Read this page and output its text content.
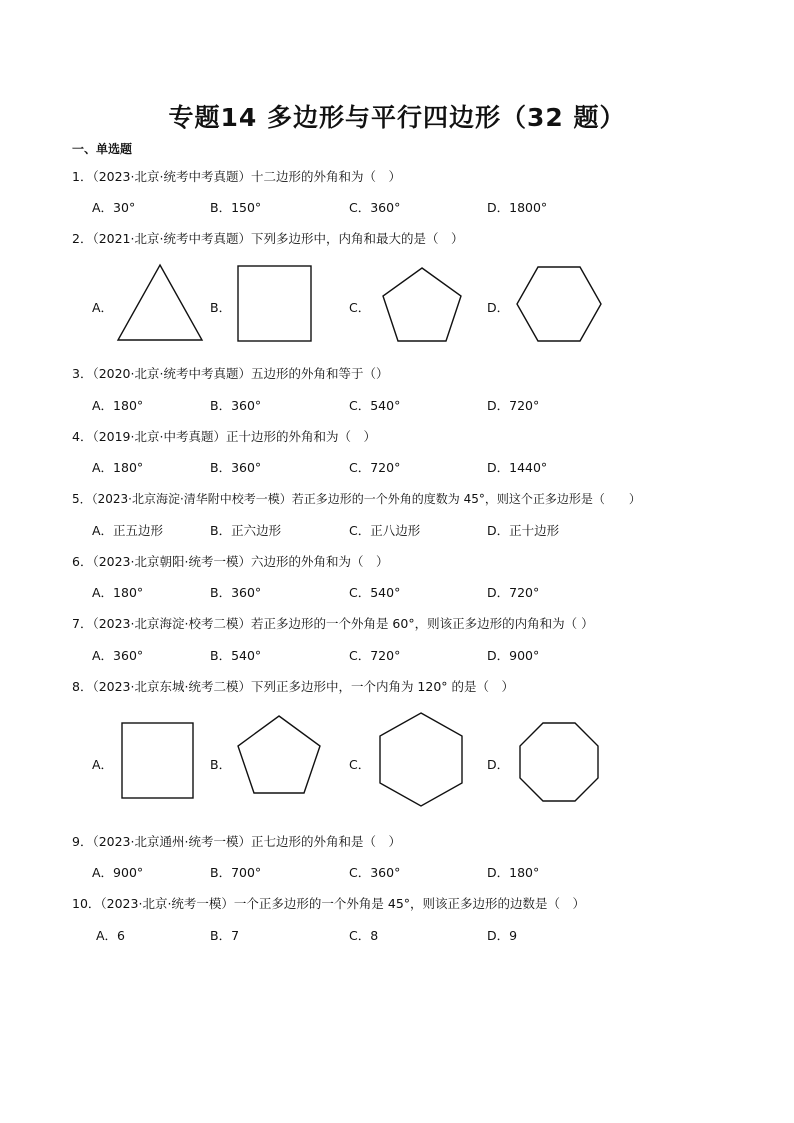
专题14 多边形与平行四边形（32 题）
一、单选题
1．（2023·北京·统考中考真题）十二边形的外角和为（　）
A．30°	B．150°	C．360°	D．1800°
2．（2021·北京·统考中考真题）下列多边形中，内角和最大的是（　）
A．	B．	C．	D．
3．（2020·北京·统考中考真题）五边形的外角和等于（）
A．180°	B．360°	C．540°	D．720°
4．（2019·北京·中考真题）正十边形的外角和为（　）
A．180°	B．360°	C．720°	D．1440°
5．（2023·北京海淀·清华附中校考一模）若正多边形的一个外角的度数为 45°，则这个正多边形是（　　）
A．正五边形	B．正六边形	C．正八边形	D．正十边形
6．（2023·北京朝阳·统考一模）六边形的外角和为（　）
A．180°	B．360°	C．540°	D．720°
7．（2023·北京海淀·校考二模）若正多边形的一个外角是 60°，则该正多边形的内角和为（ ）
A．360°	B．540°	C．720°	D．900°
8．（2023·北京东城·统考二模）下列正多边形中，一个内角为 120° 的是（　）
A．	B．	C．	D．
9．（2023·北京通州·统考一模）正七边形的外角和是（　）
A．900°	B．700°	C．360°	D．180°
10．（2023·北京·统考一模）一个正多边形的一个外角是 45°，则该正多边形的边数是（　）
A．6	B．7	C．8	D．9
